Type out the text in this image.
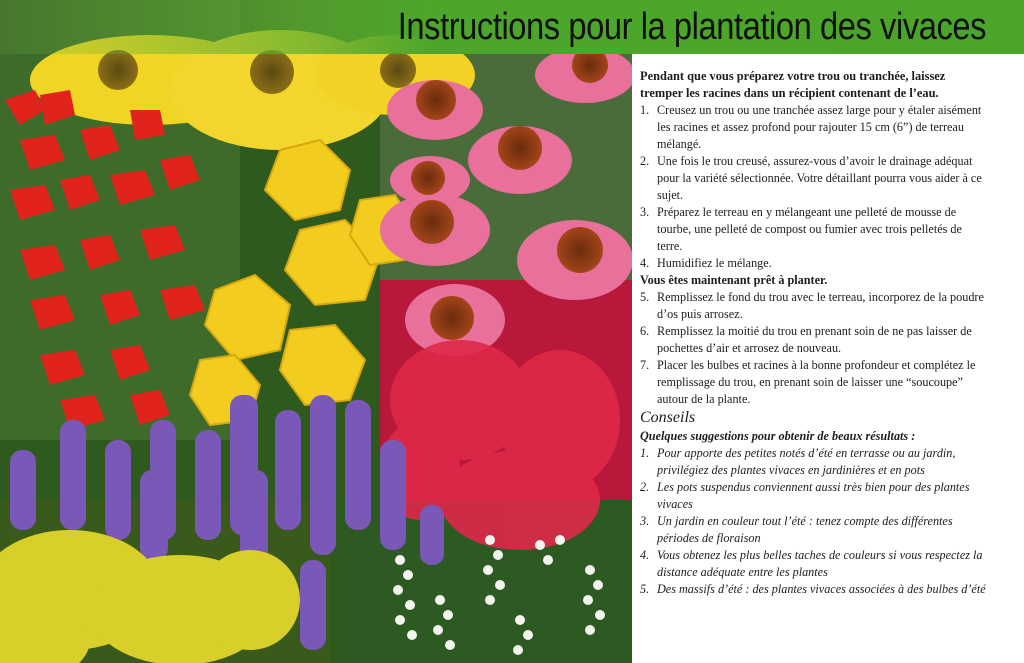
Instructions pour la plantation des vivaces

Pendant que vous préparez votre trou ou tranchée, laissez tremper les racines dans un récipient contenant de l’eau.

1. Creusez un trou ou une tranchée assez large pour y étaler aisément les racines et assez profond pour rajouter 15 cm (6”) de terreau mélangé.
2. Une fois le trou creusé, assurez-vous d’avoir le drainage adéquat pour la variété sélectionnée. Votre détaillant pourra vous aider à ce sujet.
3. Préparez le terreau en y mélangeant une pelleté de mousse de tourbe, une pelleté de compost ou fumier avec trois pelletés de terre.
4. Humidifiez le mélange.

Vous êtes maintenant prêt à planter.

5. Remplissez le fond du trou avec le terreau, incorporez de la poudre d’os puis arrosez.
6. Remplissez la moitié du trou en prenant soin de ne pas laisser de pochettes d’air et arrosez de nouveau.
7. Placer les bulbes et racines à la bonne profondeur et complétez le remplissage du trou, en prenant soin de laisser une “soucoupe” autour de la plante.

Conseils

Quelques suggestions pour obtenir de beaux résultats :

1. Pour apporte des petites notés d’été en terrasse ou au jardin, privilégiez des plantes vivaces en jardinières et en pots
2. Les pots suspendus conviennent aussi très bien pour des plantes vivaces
3. Un jardin en couleur tout l’été : tenez compte des différentes périodes de floraison
4. Vous obtenez les plus belles taches de couleurs si vous respectez la distance adéquate entre les plantes
5. Des massifs d’été : des plantes vivaces associées à des bulbes d’été
